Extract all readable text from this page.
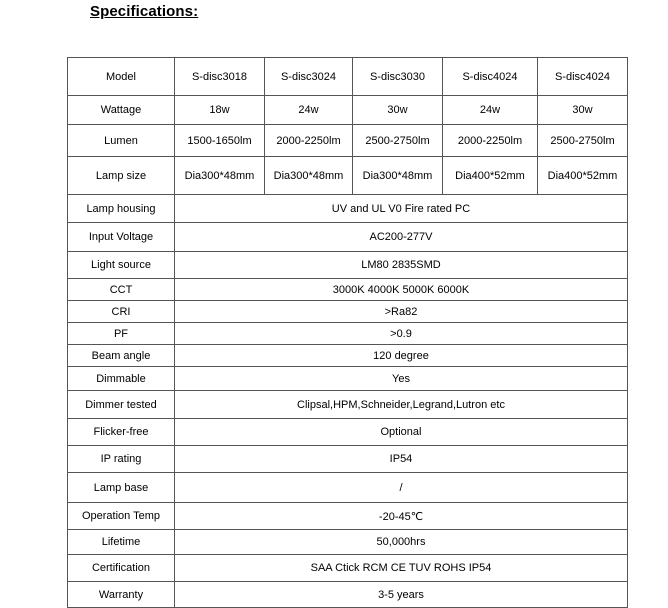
Specifications:
Model	S-disc3018	S-disc3024	S-disc3030	S-disc4024	S-disc4024
Wattage	18w	24w	30w	24w	30w
Lumen	1500-1650lm	2000-2250lm	2500-2750lm	2000-2250lm	2500-2750lm
Lamp size	Dia300*48mm	Dia300*48mm	Dia300*48mm	Dia400*52mm	Dia400*52mm
Lamp housing	UV and UL V0 Fire rated PC				
Input Voltage	AC200-277V				
Light source	LM80 2835SMD				
CCT	3000K 4000K 5000K 6000K				
CRI	>Ra82				
PF	>0.9				
Beam angle	120 degree				
Dimmable	Yes				
Dimmer tested	Clipsal,HPM,Schneider,Legrand,Lutron etc				
Flicker-free	Optional				
IP rating	IP54				
Lamp base	/				
Operation Temp	-20-45℃				
Lifetime	50,000hrs				
Certification	SAA Ctick RCM CE TUV ROHS IP54				
Warranty	3-5 years				
